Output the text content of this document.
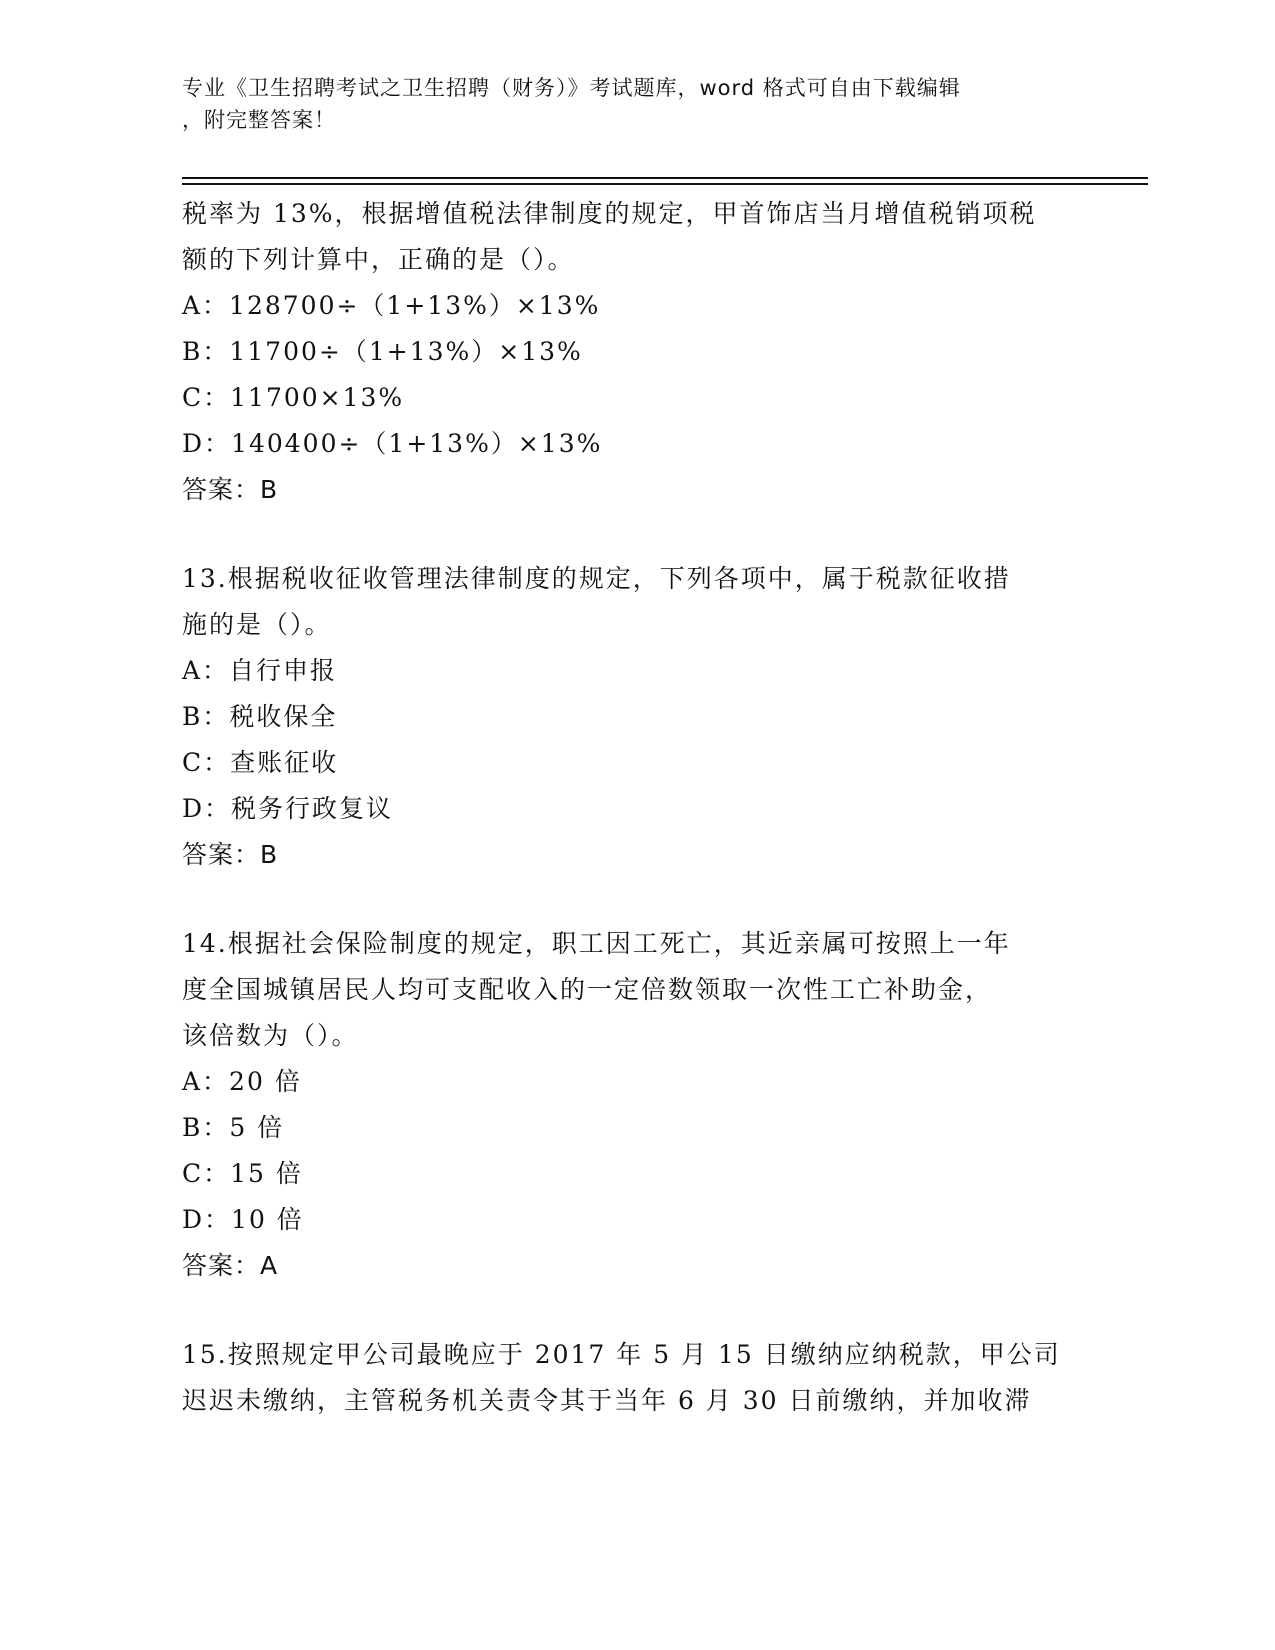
专业《卫生招聘考试之卫生招聘（财务）》考试题库，word 格式可自由下载编辑
，附完整答案！
税率为 13%，根据增值税法律制度的规定，甲首饰店当月增值税销项税
额的下列计算中，正确的是（）。
A：128700÷（1+13%）×13%
B：11700÷（1+13%）×13%
C：11700×13%
D：140400÷（1+13%）×13%
答案：B
13.根据税收征收管理法律制度的规定，下列各项中，属于税款征收措
施的是（）。
A：自行申报
B：税收保全
C：查账征收
D：税务行政复议
答案：B
14.根据社会保险制度的规定，职工因工死亡，其近亲属可按照上一年
度全国城镇居民人均可支配收入的一定倍数领取一次性工亡补助金，
该倍数为（）。
A：20 倍
B：5 倍
C：15 倍
D：10 倍
答案：A
15.按照规定甲公司最晚应于 2017 年 5 月 15 日缴纳应纳税款，甲公司
迟迟未缴纳，主管税务机关责令其于当年 6 月 30 日前缴纳，并加收滞
